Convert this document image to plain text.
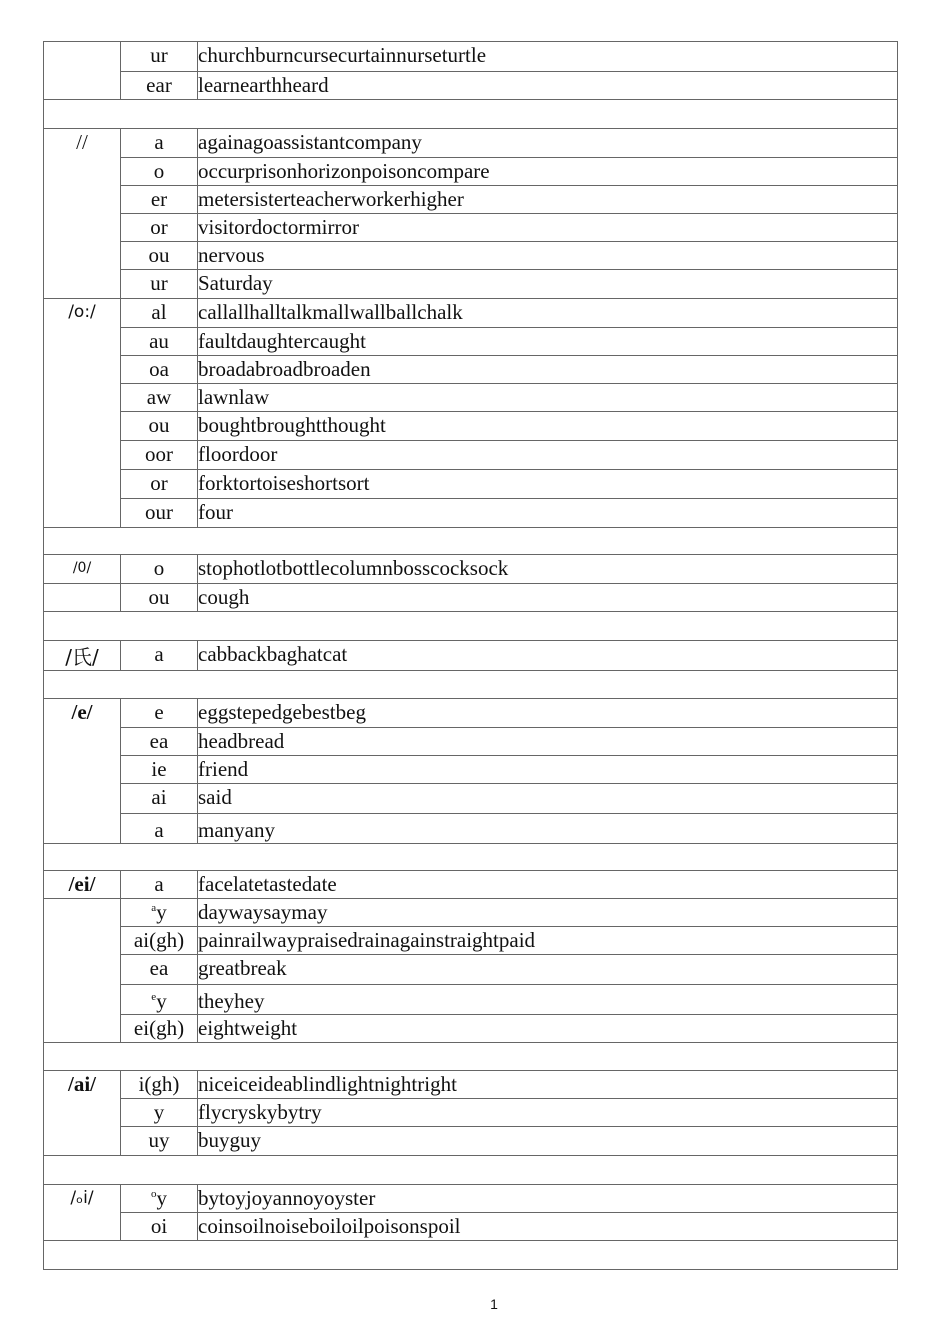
	ur	churchburncursecurtainnurseturtle
	ear	learnearthheard

//	a	againagoassistantcompany
	o	occurprisonhorizonpoisoncompare
	er	metersisterteacherworkerhigher
	or	visitordoctormirror
	ou	nervous
	ur	Saturday
/o:/	al	callallhalltalkmallwallballchalk
	au	faultdaughtercaught
	oa	broadabroadbroaden
	aw	lawnlaw
	ou	boughtbroughtthought
	oor	floordoor
	or	forktortoiseshortsort
	our	four

/0/	o	stophotlotbottlecolumnbosscocksock
	ou	cough

/氏/	a	cabbackbaghatcat

/e/	e	eggstepedgebestbeg
	ea	headbread
	ie	friend
	ai	said
	a	manyany

/ei/	a	facelatetastedate
	$^a$y	daywaysaymay
	ai(gh)	painrailwaypraisedrainagainstraightpaid
	ea	greatbreak
	$^e$y	theyhey
	ei(gh)	eightweight

/ai/	i(gh)	niceiceideablindlightnightright
	y	flycryskybytry
	uy	buyguy

/ₒi/	$^o$y	bytoyjoyannoyoyster
	oi	coinsoilnoiseboiloilpoisonspoil

1
